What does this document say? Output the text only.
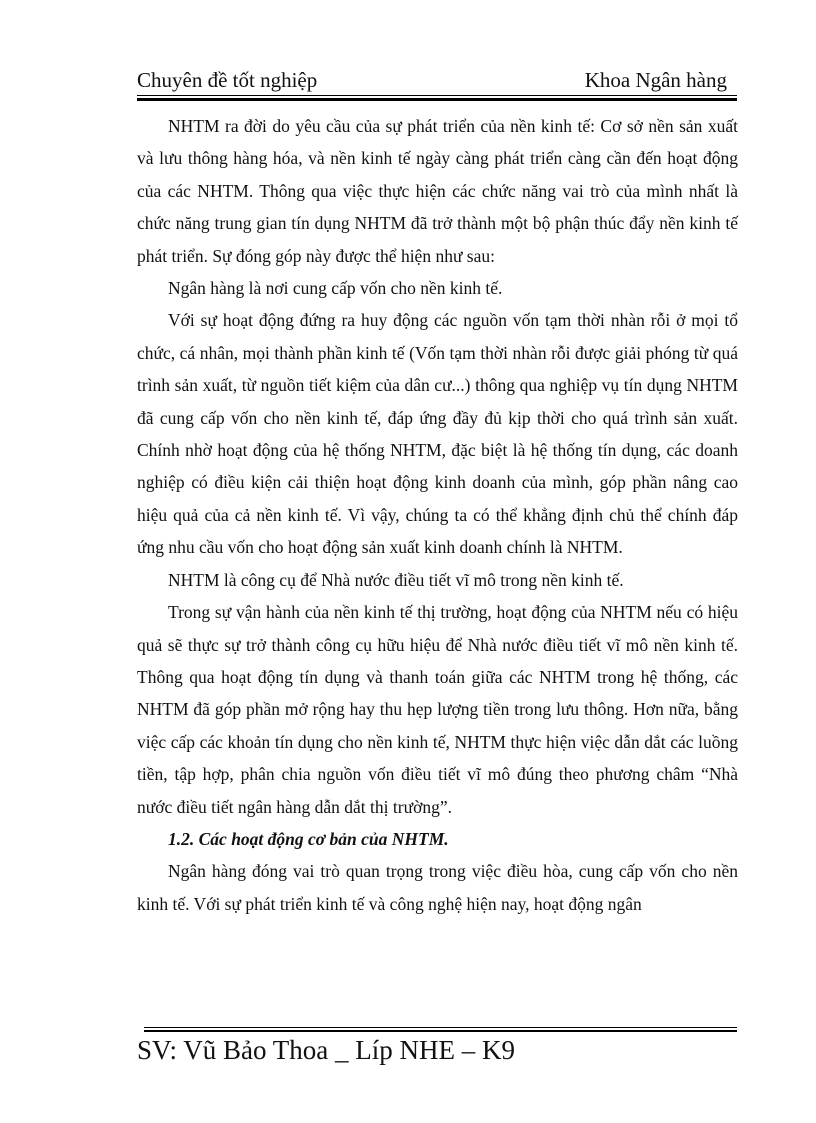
Chuyên đề tốt nghiệp	Khoa Ngân hàng

NHTM ra đời do yêu cầu của sự phát triển của nền kinh tế: Cơ sở nền sản xuất và lưu thông hàng hóa, và nền kinh tế ngày càng phát triển càng cần đến hoạt động của các NHTM. Thông qua việc thực hiện các chức năng vai trò của mình nhất là chức năng trung gian tín dụng NHTM đã trở thành một bộ phận thúc đẩy nền kinh tế phát triển. Sự đóng góp này được thể hiện như sau:

Ngân hàng là nơi cung cấp vốn cho nền kinh tế.

Với sự hoạt động đứng ra huy động các nguồn vốn tạm thời nhàn rỗi ở mọi tổ chức, cá nhân, mọi thành phần kinh tế (Vốn tạm thời nhàn rỗi được giải phóng từ quá trình sản xuất, từ nguồn tiết kiệm của dân cư...) thông qua nghiệp vụ tín dụng NHTM đã cung cấp vốn cho nền kinh tế, đáp ứng đầy đủ kịp thời cho quá trình sản xuất. Chính nhờ hoạt động của hệ thống NHTM, đặc biệt là hệ thống tín dụng, các doanh nghiệp có điều kiện cải thiện hoạt động kinh doanh của mình, góp phần nâng cao hiệu quả của cả nền kinh tế. Vì vậy, chúng ta có thể khẳng định chủ thể chính đáp ứng nhu cầu vốn cho hoạt động sản xuất kinh doanh chính là NHTM.

NHTM là công cụ để Nhà nước điều tiết vĩ mô trong nền kinh tế.

Trong sự vận hành của nền kinh tế thị trường, hoạt động của NHTM nếu có hiệu quả sẽ thực sự trở thành công cụ hữu hiệu để Nhà nước điều tiết vĩ mô nền kinh tế. Thông qua hoạt động tín dụng và thanh toán giữa các NHTM trong hệ thống, các NHTM đã góp phần mở rộng hay thu hẹp lượng tiền trong lưu thông. Hơn nữa, bằng việc cấp các khoản tín dụng cho nền kinh tế, NHTM thực hiện việc dẫn dắt các luồng tiền, tập hợp, phân chia nguồn vốn điều tiết vĩ mô đúng theo phương châm “Nhà nước điều tiết ngân hàng dẫn dắt thị trường”.

1.2. Các hoạt động cơ bản của NHTM.

Ngân hàng đóng vai trò quan trọng trong việc điều hòa, cung cấp vốn cho nền kinh tế. Với sự phát triển kinh tế và công nghệ hiện nay, hoạt động ngân

SV: Vũ Bảo Thoa _ Líp NHE – K9
